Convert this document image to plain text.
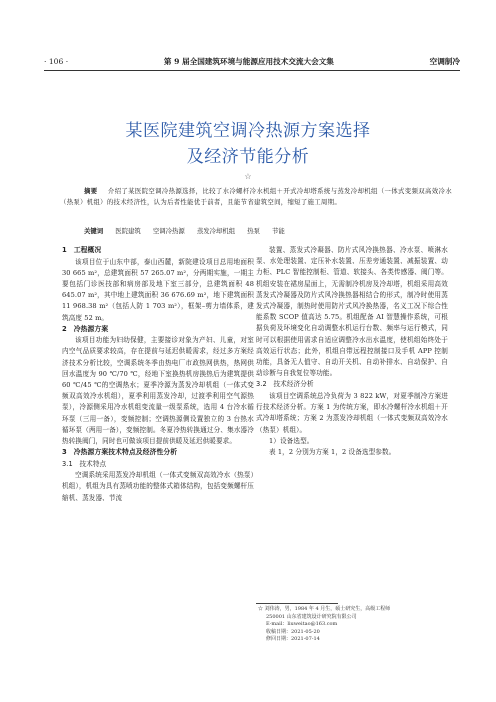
· 106 ·	第 9 届全国建筑环境与能源应用技术交流大会文集	空调制冷
某医院建筑空调冷热源方案选择
及经济节能分析
☆
摘要 介绍了某医院空调冷热源选择，比较了水冷螺杆冷水机组＋开式冷却塔系统与蒸发冷却机组（一体式变频双高效冷水（热泵）机组）的技术经济性，认为后者性能优于前者，且能节省建筑空间，缩短了施工周期。
关键词 医院建筑 空调冷热源 蒸发冷却机组 热泵 节能
1　工程概况

该项目位于山东中部，泰山西麓，新院建设项目总用地面积 30 665 m²，总建筑面积 57 265.07 m²，分两期实施，一期主要包括门诊医技部和病房部及地下室三部分，总建筑面积 48 645.07 m²，其中地上建筑面积 36 676.69 m²，地下建筑面积 11 968.38 m²（包括人防 1 703 m²），框架–剪力墙体系，建筑高度 52 m。

2　冷热源方案

该项目功能为妇幼保健，主要接诊对象为产妇、儿童，对室内空气品质要求较高，存在提前与延迟供暖需求，经过多方案经济技术分析比较，空调系统冬季由热电厂市政热网供热，热网供回水温度为 90 ℃/70 ℃，经地下室换热机房换热后为建筑提供 60 ℃/45 ℃的空调热水；夏季冷源为蒸发冷却机组（一体式变频双高效冷水机组），夏季利用蒸发冷却，过渡季利用空气源热泵），冷源侧采用冷水机组变流量一级泵系统，选用 4 台冷水循环泵（三用一备），变频控制；空调热源侧设置独立的 3 台热水循环泵（两用一备），变频控制。冬夏冷热转换通过分、集水器冷热转换阀门，同时也可做该项目提前供暖及延迟供暖要求。

3　冷热源方案技术特点及经济性分析
3.1　技术特点

空调系统采用蒸发冷却机组（一体式变频双高效冷水（热泵）机组），机组为具有蒸喷功能的整体式箱体结构，包括变频螺杆压缩机、蒸发器、节流

装置、蒸发式冷凝器、防片式风冷换热器、冷水泵、喷淋水泵、水处理装置、定压补水装置、压差旁通装置、减振装置、动力柜、PLC 智能控制柜、管道、软接头、各类传感器、阀门等。机组安装在裙房屋面上，无需制冷机房及冷却塔，机组采用高效蒸发式冷凝器及防片式风冷换热器相结合的形式，制冷时使用蒸发式冷凝器，制热时使用防片式风冷换热器，名义工况下综合性能系数 SCOP 值高达 5.75。机组配备 AI 智慧操作系统，可根据负荷及环境变化自动调整水机运行台数、频率与运行模式，同时可以根据使用需求自适应调整冷水出水温度，使机组始终处于高效运行状态；此外，机组自带远程控制接口及手机 APP 控制功能，具备无人值守、自动开关机、自动补排水、自动保护、自动诊断与自我复位等功能。

3.2　技术经济分析

该项目空调系统总冷负荷为 3 822 kW，对夏季制冷方案进行技术经济分析。方案 1 为传统方案，即水冷螺杆冷水机组＋开式冷却塔系统；方案 2 为蒸发冷却机组（一体式变频双高效冷水（热泵）机组）。

1）设备选型。

表 1，2 分别为方案 1，2 设备选型参数。

☆ 刘伟涛，男，1984 年 4 月生，硕士研究生，高级工程师
250001 山东省建筑设计研究院有限公司
E-mail：liuweitao@163.com
收稿日期：2021-05-20
修回日期：2021-07-14
